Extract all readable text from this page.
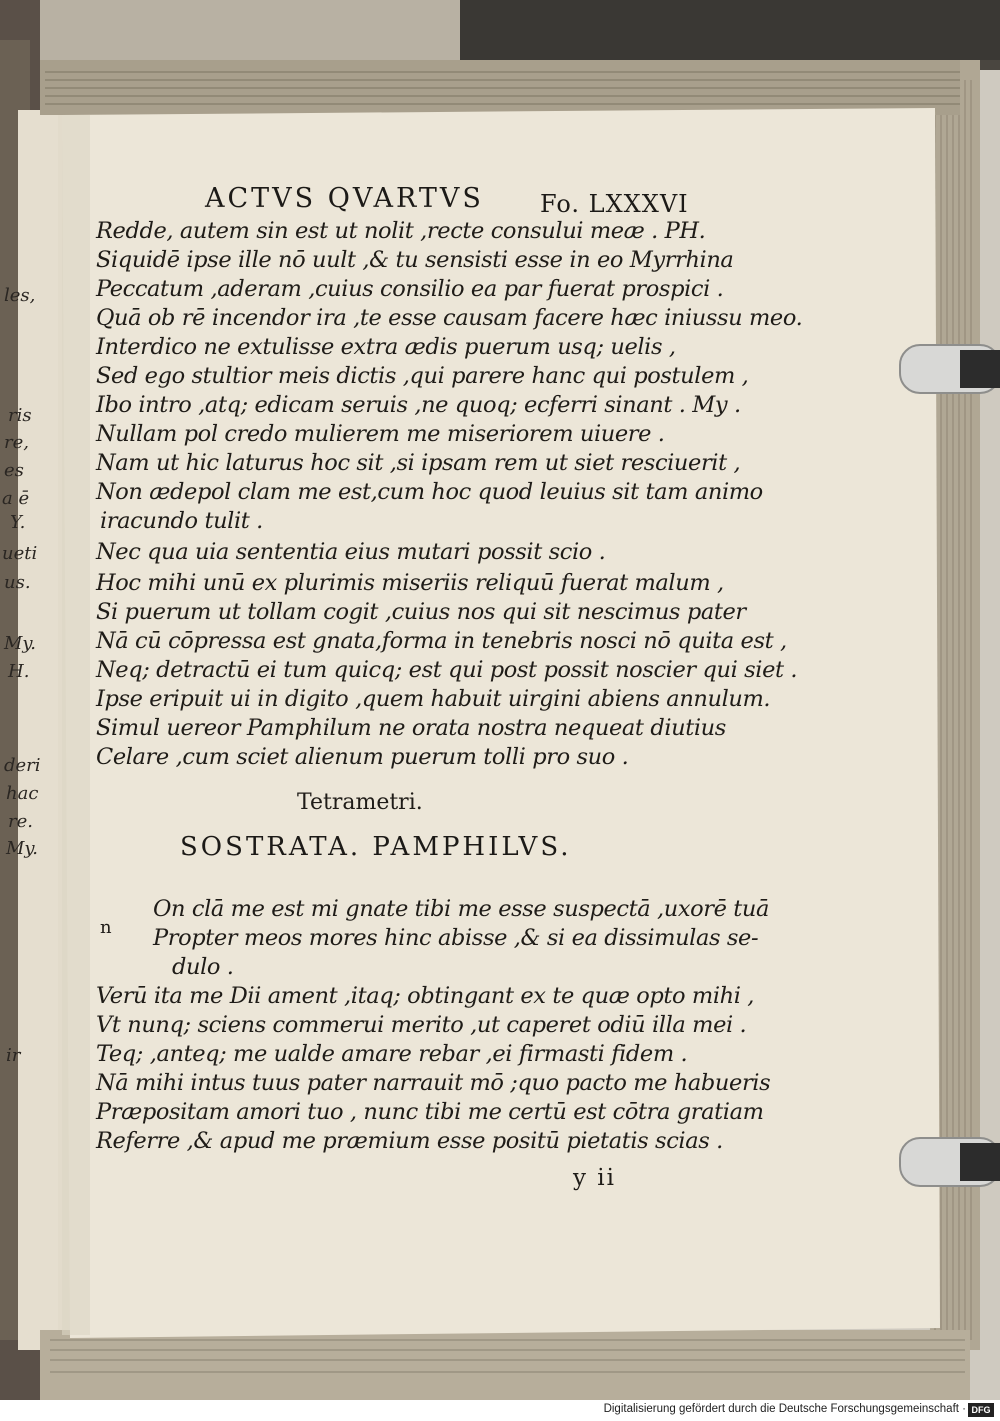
ACTVS QVARTVS Fo. LXXXVI
Redde, autem sin est ut nolit ,recte consului meæ . PH.
Siquidē ipse ille nō uult ,& tu sensisti esse in eo Myrrhina
Peccatum ,aderam ,cuius consilio ea par fuerat prospici .
Quā ob rē incendor ira ,te esse causam facere hæc iniussu meo.
Interdico ne extulisse extra ædis puerum usq; uelis ,
Sed ego stultior meis dictis ,qui parere hanc qui postulem ,
Ibo intro ,atq; edicam seruis ,ne quoq; ecferri sinant . My .
Nullam pol credo mulierem me miseriorem uiuere .
Nam ut hic laturus hoc sit ,si ipsam rem ut siet resciuerit ,
Non ædepol clam me est,cum hoc quod leuius sit tam animo
iracundo tulit .
Nec qua uia sententia eius mutari possit scio .
Hoc mihi unū ex plurimis miseriis reliquū fuerat malum ,
Si puerum ut tollam cogit ,cuius nos qui sit nescimus pater
Nā cū cōpressa est gnata,forma in tenebris nosci nō quita est ,
Neq; detractū ei tum quicq; est qui post possit noscier qui siet .
Ipse eripuit ui in digito ,quem habuit uirgini abiens annulum.
Simul uereor Pamphilum ne orata nostra nequeat diutius
Celare ,cum sciet alienum puerum tolli pro suo .
Tetrametri.
SOSTRATA. PAMPHILVS.
n
On clā me est mi gnate tibi me esse suspectā ,uxorē tuā
Propter meos mores hinc abisse ,& si ea dissimulas se-
dulo .
Verū ita me Dii ament ,itaq; obtingant ex te quæ opto mihi ,
Vt nunq; sciens commerui merito ,ut caperet odiū illa mei .
Teq; ,anteq; me ualde amare rebar ,ei firmasti fidem .
Nā mihi intus tuus pater narrauit mō ;quo pacto me habueris
Præpositam amori tuo , nunc tibi me certū est cōtra gratiam
Referre ,& apud me præmium esse positū pietatis scias .
y ii
les,
ris
re,
es
a ē
Y.
ueti
us.
My.
H.
deri
hac
re.
My.
ir
Digitalisierung gefördert durch die Deutsche Forschungsgemeinschaft · DFG
